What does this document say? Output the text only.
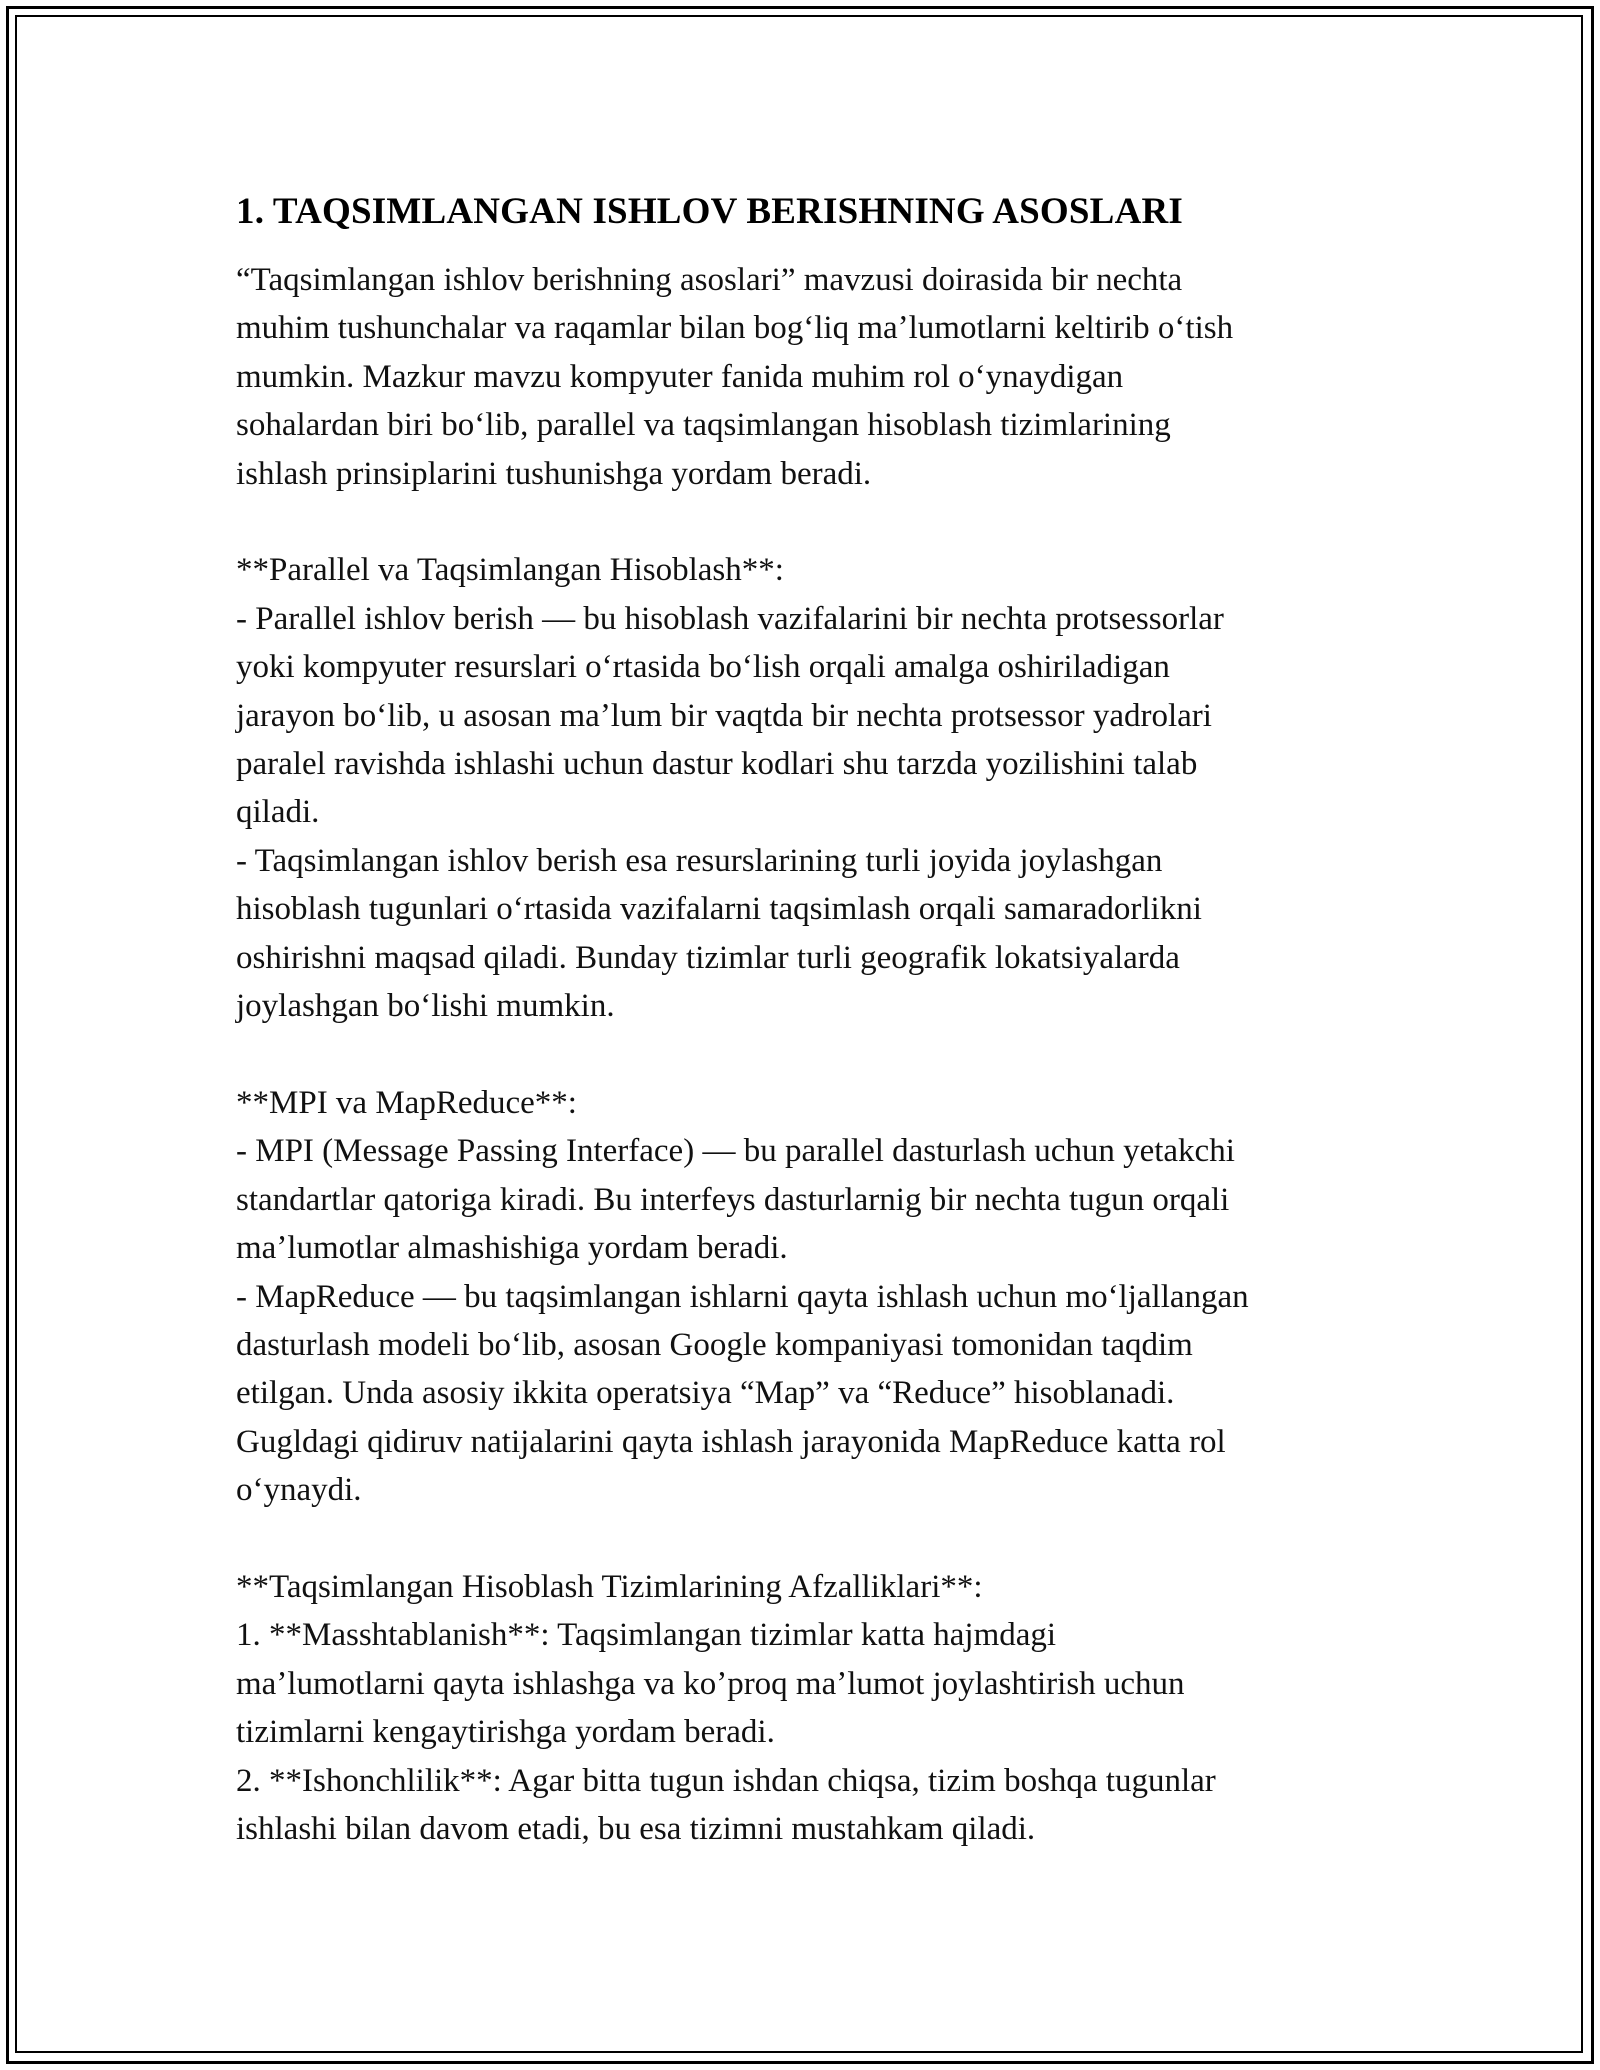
1. TAQSIMLANGAN ISHLOV BERISHNING ASOSLARI

“Taqsimlangan ishlov berishning asoslari” mavzusi doirasida bir nechta

muhim tushunchalar va raqamlar bilan bogʻliq maʼlumotlarni keltirib oʻtish

mumkin. Mazkur mavzu kompyuter fanida muhim rol oʻynaydigan

sohalardan biri boʻlib, parallel va taqsimlangan hisoblash tizimlarining

ishlash prinsiplarini tushunishga yordam beradi.

**Parallel va Taqsimlangan Hisoblash**:

- Parallel ishlov berish — bu hisoblash vazifalarini bir nechta protsessorlar

yoki kompyuter resurslari oʻrtasida boʻlish orqali amalga oshiriladigan

jarayon boʻlib, u asosan maʼlum bir vaqtda bir nechta protsessor yadrolari

paralel ravishda ishlashi uchun dastur kodlari shu tarzda yozilishini talab

qiladi.

- Taqsimlangan ishlov berish esa resurslarining turli joyida joylashgan

hisoblash tugunlari oʻrtasida vazifalarni taqsimlash orqali samaradorlikni

oshirishni maqsad qiladi. Bunday tizimlar turli geografik lokatsiyalarda

joylashgan boʻlishi mumkin.

**MPI va MapReduce**:

- MPI (Message Passing Interface) — bu parallel dasturlash uchun yetakchi

standartlar qatoriga kiradi. Bu interfeys dasturlarnig bir nechta tugun orqali

maʼlumotlar almashishiga yordam beradi.

- MapReduce — bu taqsimlangan ishlarni qayta ishlash uchun moʻljallangan

dasturlash modeli boʻlib, asosan Google kompaniyasi tomonidan taqdim

etilgan. Unda asosiy ikkita operatsiya “Map” va “Reduce” hisoblanadi.

Gugldagi qidiruv natijalarini qayta ishlash jarayonida MapReduce katta rol

oʻynaydi.

**Taqsimlangan Hisoblash Tizimlarining Afzalliklari**:

1. **Masshtablanish**: Taqsimlangan tizimlar katta hajmdagi

maʼlumotlarni qayta ishlashga va koʼproq maʼlumot joylashtirish uchun

tizimlarni kengaytirishga yordam beradi.

2. **Ishonchlilik**: Agar bitta tugun ishdan chiqsa, tizim boshqa tugunlar

ishlashi bilan davom etadi, bu esa tizimni mustahkam qiladi.
